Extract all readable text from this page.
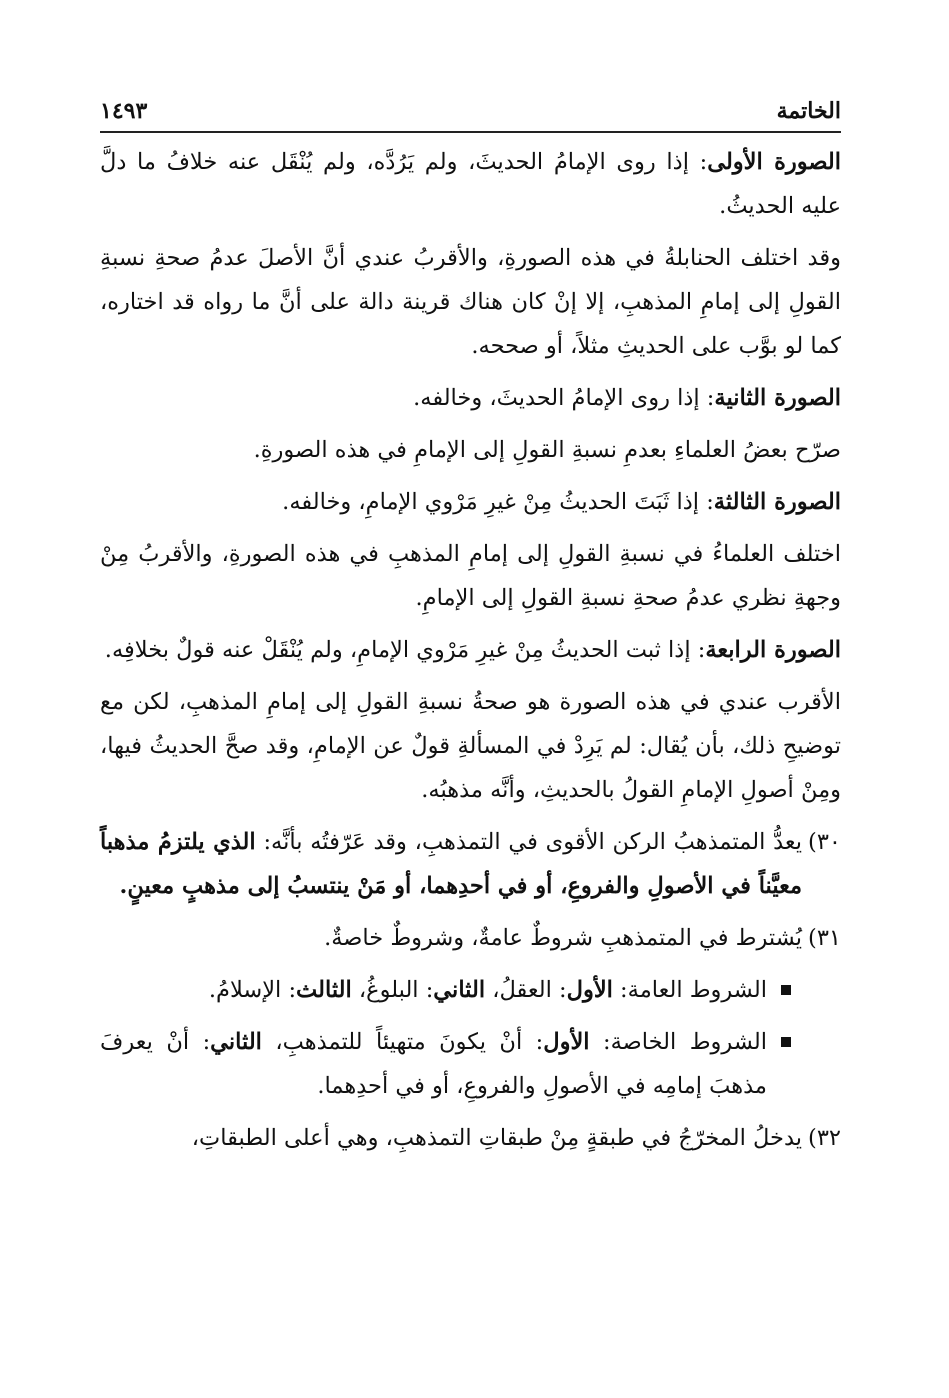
الخاتمة
١٤٩٣

الصورة الأولى: إذا روى الإمامُ الحديثَ، ولم يَرُدَّه، ولم يُنْقَل عنه خلافُ ما دلَّ عليه الحديثُ.

وقد اختلف الحنابلةُ في هذه الصورةِ، والأقربُ عندي أنَّ الأصلَ عدمُ صحةِ نسبةِ القولِ إلى إمامِ المذهبِ، إلا إنْ كان هناك قرينة دالة على أنَّ ما رواه قد اختاره، كما لو بوَّب على الحديثِ مثلاً، أو صححه.

الصورة الثانية: إذا روى الإمامُ الحديثَ، وخالفه.

صرّح بعضُ العلماءِ بعدمِ نسبةِ القولِ إلى الإمامِ في هذه الصورةِ.

الصورة الثالثة: إذا ثَبَتَ الحديثُ مِنْ غيرِ مَرْوي الإمامِ، وخالفه.

اختلف العلماءُ في نسبةِ القولِ إلى إمامِ المذهبِ في هذه الصورةِ، والأقربُ مِنْ وجهةِ نظري عدمُ صحةِ نسبةِ القولِ إلى الإمامِ.

الصورة الرابعة: إذا ثبت الحديثُ مِنْ غيرِ مَرْوي الإمامِ، ولم يُنْقَلْ عنه قولٌ بخلافِه.

الأقرب عندي في هذه الصورة هو صحةُ نسبةِ القولِ إلى إمامِ المذهبِ، لكن مع توضيحِ ذلك، بأن يُقال: لم يَرِدْ في المسألةِ قولٌ عن الإمامِ، وقد صحَّ الحديثُ فيها، ومِنْ أصولِ الإمامِ القولُ بالحديثِ، وأنَّه مذهبُه.

٣٠)
يعدُّ المتمذهبُ الركن الأقوى في التمذهبِ، وقد عَرّفتُه بأنَّه: الذي يلتزمُ مذهباً معيَّناً في الأصولِ والفروعِ، أو في أحدِهما، أو مَنْ ينتسبُ إلى مذهبٍ معينٍ.
٣١)
يُشترط في المتمذهبِ شروطٌ عامةٌ، وشروطٌ خاصةٌ.
الشروط العامة: الأول: العقلُ، الثاني: البلوغُ، الثالث: الإسلامُ.
الشروط الخاصة: الأول: أنْ يكونَ متهيئاً للتمذهبِ، الثاني: أنْ يعرفَ مذهبَ إمامِه في الأصولِ والفروعِ، أو في أحدِهما.
٣٢)
يدخلُ المخرّجُ في طبقةٍ مِنْ طبقاتِ التمذهبِ، وهي أعلى الطبقاتِ،
